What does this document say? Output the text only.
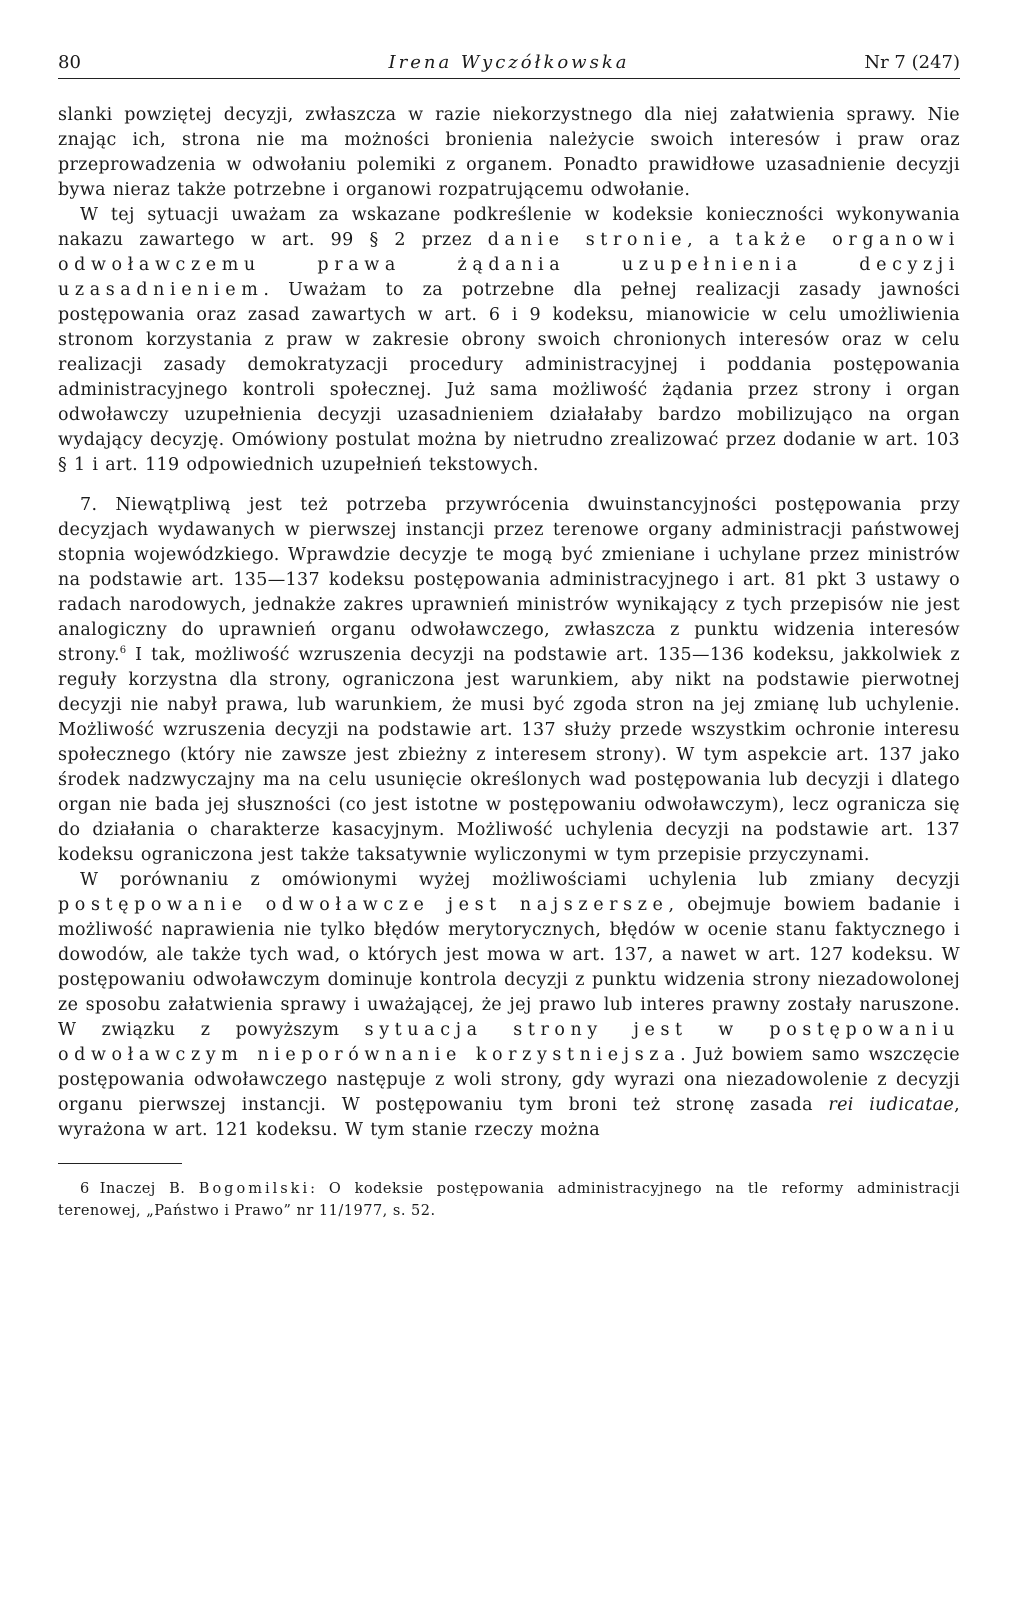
80	Irena Wyczółkowska	Nr 7 (247)

slanki powziętej decyzji, zwłaszcza w razie niekorzystnego dla niej załatwienia sprawy. Nie znając ich, strona nie ma możności bronienia należycie swoich interesów i praw oraz przeprowadzenia w odwołaniu polemiki z organem. Ponadto prawidłowe uzasadnienie decyzji bywa nieraz także potrzebne i organowi rozpatrującemu odwołanie.

W tej sytuacji uważam za wskazane podkreślenie w kodeksie konieczności wykonywania nakazu zawartego w art. 99 § 2 przez danie stronie, a także organowi odwoławczemu prawa żądania uzupełnienia decyzji uzasadnieniem. Uważam to za potrzebne dla pełnej realizacji zasady jawności postępowania oraz zasad zawartych w art. 6 i 9 kodeksu, mianowicie w celu umożliwienia stronom korzystania z praw w zakresie obrony swoich chronionych interesów oraz w celu realizacji zasady demokratyzacji procedury administracyjnej i poddania postępowania administracyjnego kontroli społecznej. Już sama możliwość żądania przez strony i organ odwoławczy uzupełnienia decyzji uzasadnieniem działałaby bardzo mobilizująco na organ wydający decyzję. Omówiony postulat można by nietrudno zrealizować przez dodanie w art. 103 § 1 i art. 119 odpowiednich uzupełnień tekstowych.

7. Niewątpliwą jest też potrzeba przywrócenia dwuinstancyjności postępowania przy decyzjach wydawanych w pierwszej instancji przez terenowe organy administracji państwowej stopnia wojewódzkiego. Wprawdzie decyzje te mogą być zmieniane i uchylane przez ministrów na podstawie art. 135—137 kodeksu postępowania administracyjnego i art. 81 pkt 3 ustawy o radach narodowych, jednakże zakres uprawnień ministrów wynikający z tych przepisów nie jest analogiczny do uprawnień organu odwoławczego, zwłaszcza z punktu widzenia interesów strony.$^6$ I tak, możliwość wzruszenia decyzji na podstawie art. 135—136 kodeksu, jakkolwiek z reguły korzystna dla strony, ograniczona jest warunkiem, aby nikt na podstawie pierwotnej decyzji nie nabył prawa, lub warunkiem, że musi być zgoda stron na jej zmianę lub uchylenie. Możliwość wzruszenia decyzji na podstawie art. 137 służy przede wszystkim ochronie interesu społecznego (który nie zawsze jest zbieżny z interesem strony). W tym aspekcie art. 137 jako środek nadzwyczajny ma na celu usunięcie określonych wad postępowania lub decyzji i dlatego organ nie bada jej słuszności (co jest istotne w postępowaniu odwoławczym), lecz ogranicza się do działania o charakterze kasacyjnym. Możliwość uchylenia decyzji na podstawie art. 137 kodeksu ograniczona jest także taksatywnie wyliczonymi w tym przepisie przyczynami.

W porównaniu z omówionymi wyżej możliwościami uchylenia lub zmiany decyzji postępowanie odwoławcze jest najszersze, obejmuje bowiem badanie i możliwość naprawienia nie tylko błędów merytorycznych, błędów w ocenie stanu faktycznego i dowodów, ale także tych wad, o których jest mowa w art. 137, a nawet w art. 127 kodeksu. W postępowaniu odwoławczym dominuje kontrola decyzji z punktu widzenia strony niezadowolonej ze sposobu załatwienia sprawy i uważającej, że jej prawo lub interes prawny zostały naruszone. W związku z powyższym sytuacja strony jest w postępowaniu odwoławczym nieporównanie korzystniejsza. Już bowiem samo wszczęcie postępowania odwoławczego następuje z woli strony, gdy wyrazi ona niezadowolenie z decyzji organu pierwszej instancji. W postępowaniu tym broni też stronę zasada rei iudicatae, wyrażona w art. 121 kodeksu. W tym stanie rzeczy można

6 Inaczej B. Bogomilski: O kodeksie postępowania administracyjnego na tle reformy administracji terenowej, „Państwo i Prawo” nr 11/1977, s. 52.
